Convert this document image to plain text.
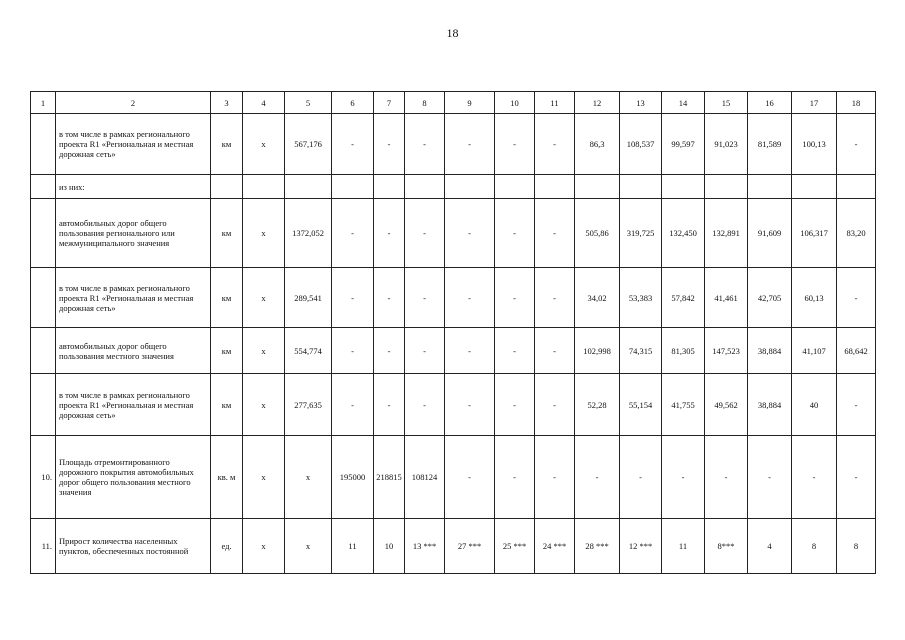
18
1	2	3	4	5	6	7	8	9	10	11	12	13	14	15	16	17	18
	в том числе в рамках регионального проекта R1 «Региональная и местная дорожная сеть»	км	х	567,176	-	-	-	-	-	-	86,3	108,537	99,597	91,023	81,589	100,13	-
	из них:																
	автомобильных дорог общего пользования регионального или межмуниципального значения	км	х	1372,052	-	-	-	-	-	-	505,86	319,725	132,450	132,891	91,609	106,317	83,20
	в том числе в рамках регионального проекта R1 «Региональная и местная дорожная сеть»	км	х	289,541	-	-	-	-	-	-	34,02	53,383	57,842	41,461	42,705	60,13	-
	автомобильных дорог общего пользования местного значения	км	х	554,774	-	-	-	-	-	-	102,998	74,315	81,305	147,523	38,884	41,107	68,642
	в том числе в рамках регионального проекта R1 «Региональная и местная дорожная сеть»	км	х	277,635	-	-	-	-	-	-	52,28	55,154	41,755	49,562	38,884	40	-
10.	Площадь отремонтированного дорожного покрытия автомобильных дорог общего пользования местного значения	кв. м	х	х	195000	218815	108124	-	-	-	-	-	-	-	-	-	-
11.	Прирост количества населенных пунктов, обеспеченных постоянной	ед.	х	х	11	10	13 ***	27 ***	25 ***	24 ***	28 ***	12 ***	11	8***	4	8	8
